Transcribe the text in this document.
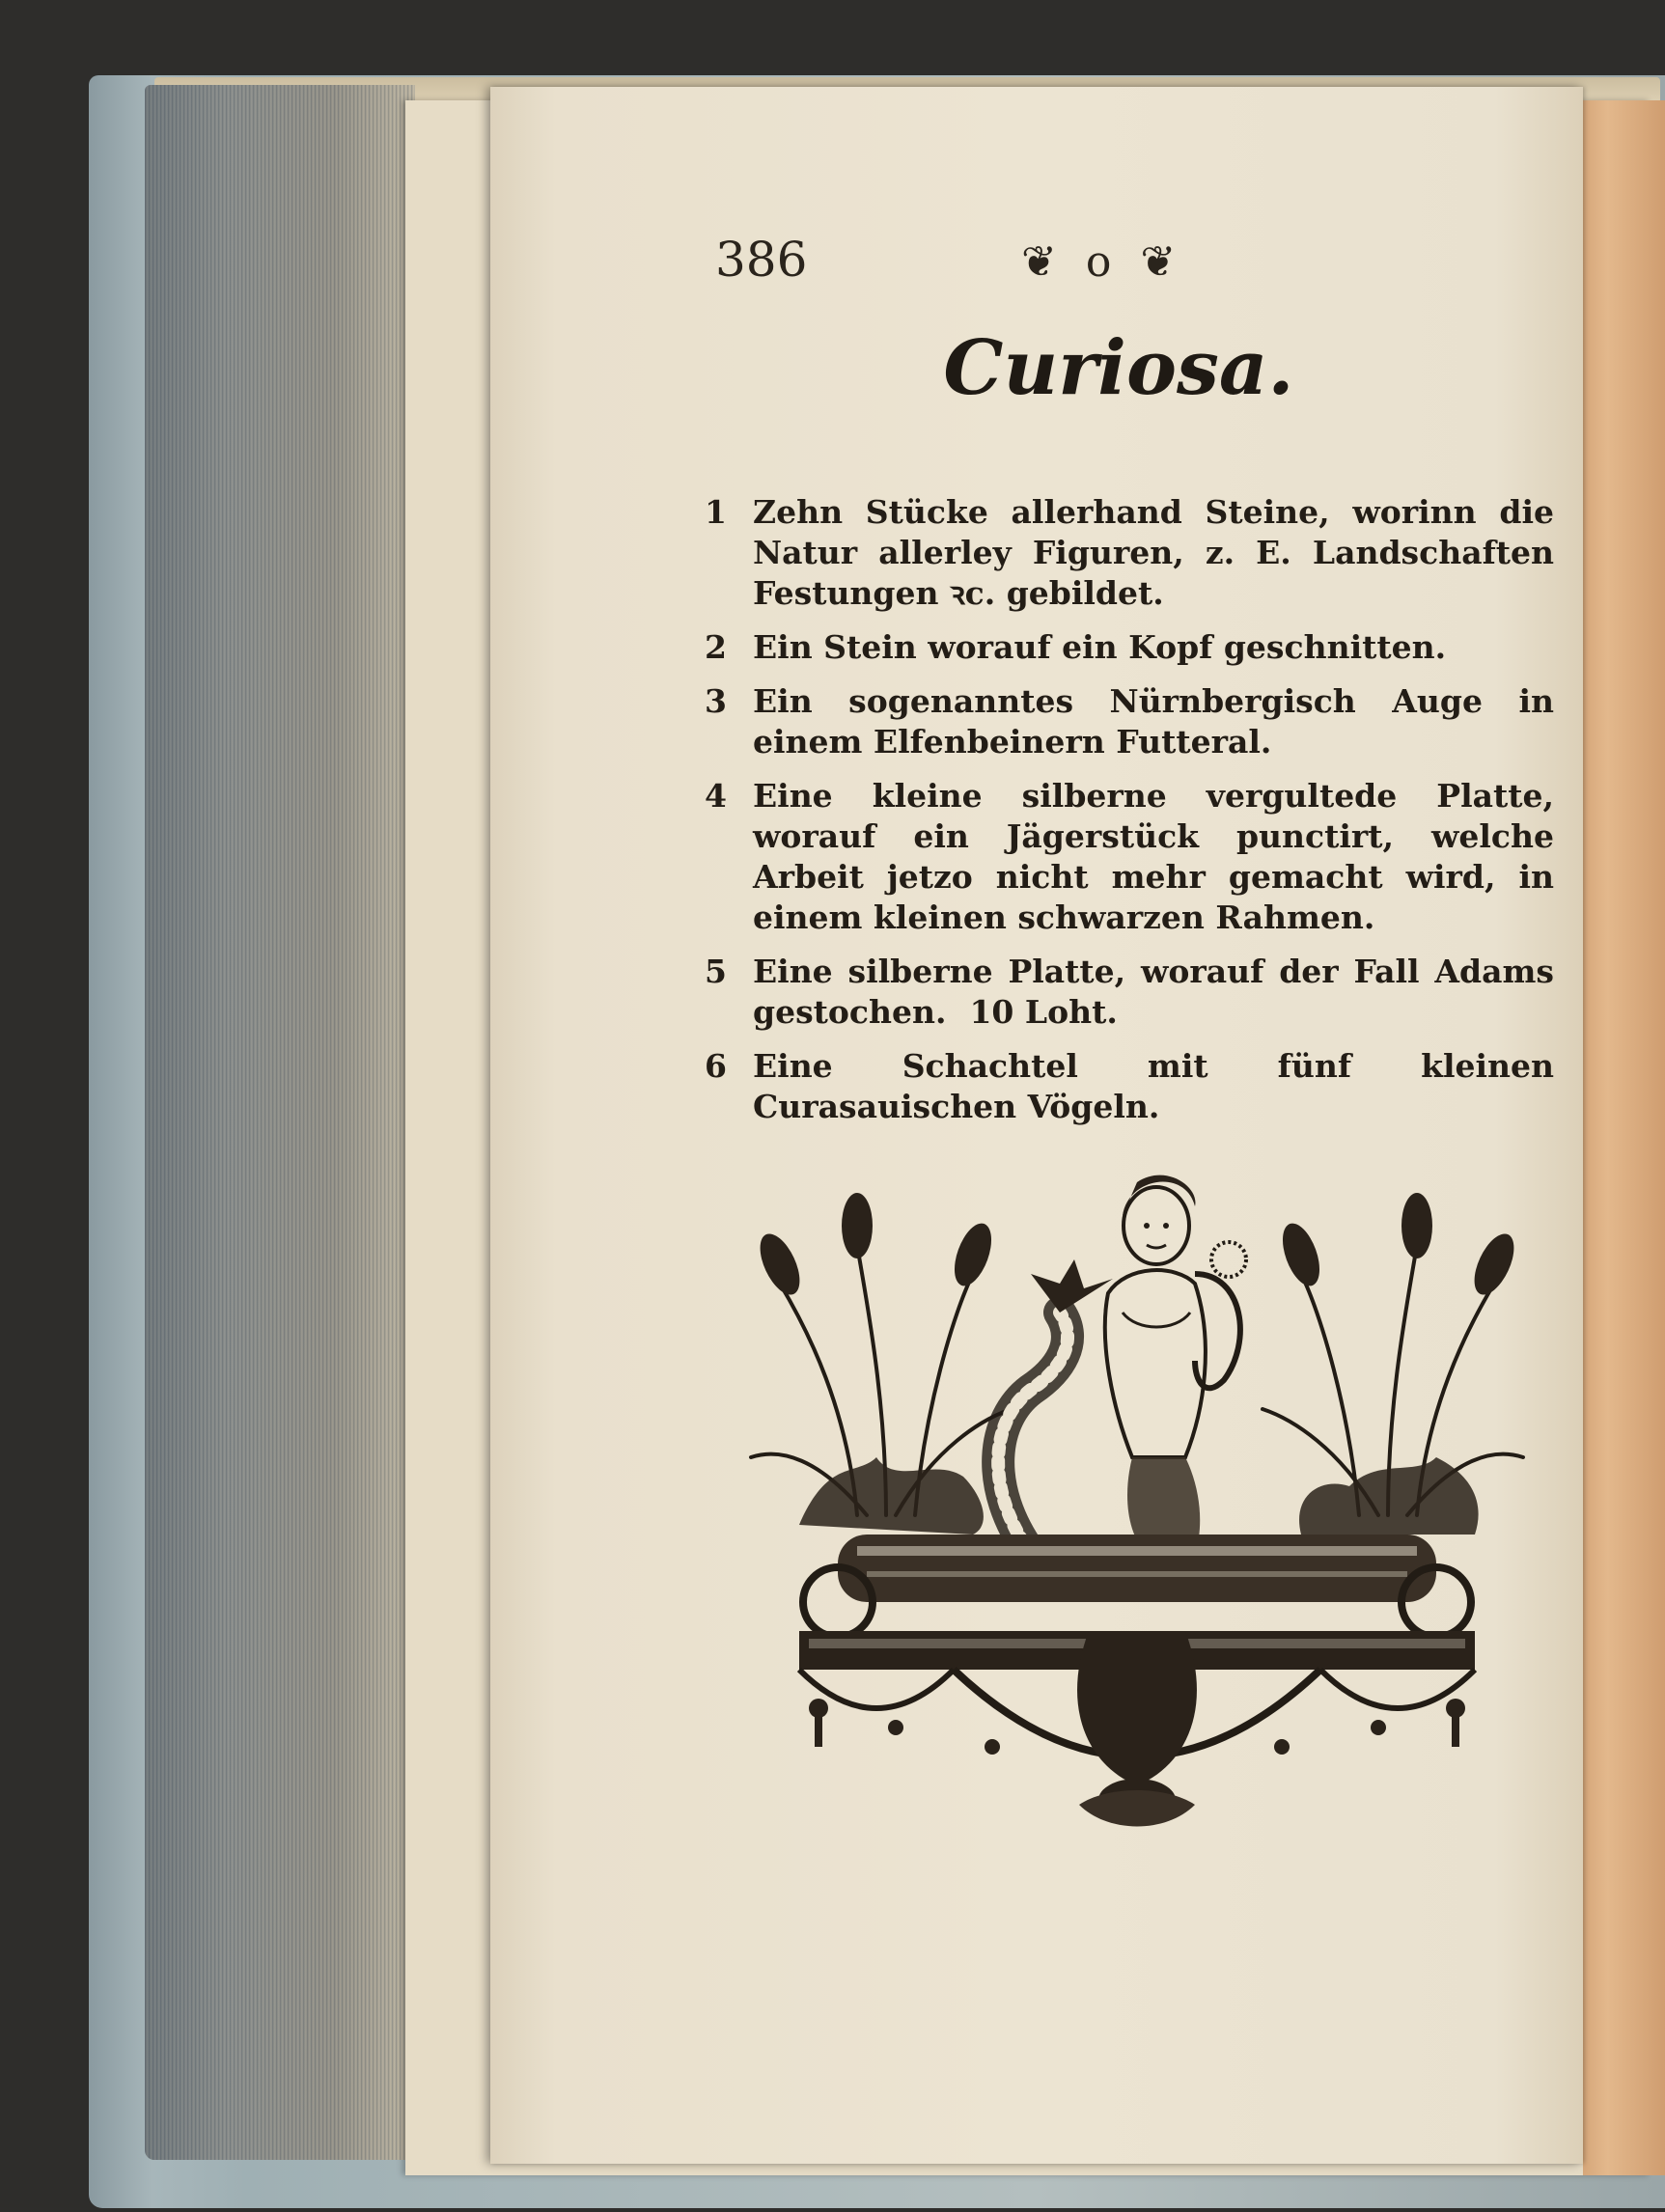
386	❦ o ❦
Curiosa.
1 Zehn Stücke allerhand Steine, worinn die Natur allerley Figuren, z. E. Landschaften Festungen ꝛc. gebildet.
2 Ein Stein worauf ein Kopf geschnitten.
3 Ein sogenanntes Nürnbergisch Auge in einem Elfenbeinern Futteral.
4 Eine kleine silberne vergultede Platte, worauf ein Jägerstück punctirt, welche Arbeit jetzo nicht mehr gemacht wird, in einem kleinen schwarzen Rahmen.
5 Eine silberne Platte, worauf der Fall Adams gestochen. 10 Loht.
6 Eine Schachtel mit fünf kleinen Curasauischen Vögeln.
